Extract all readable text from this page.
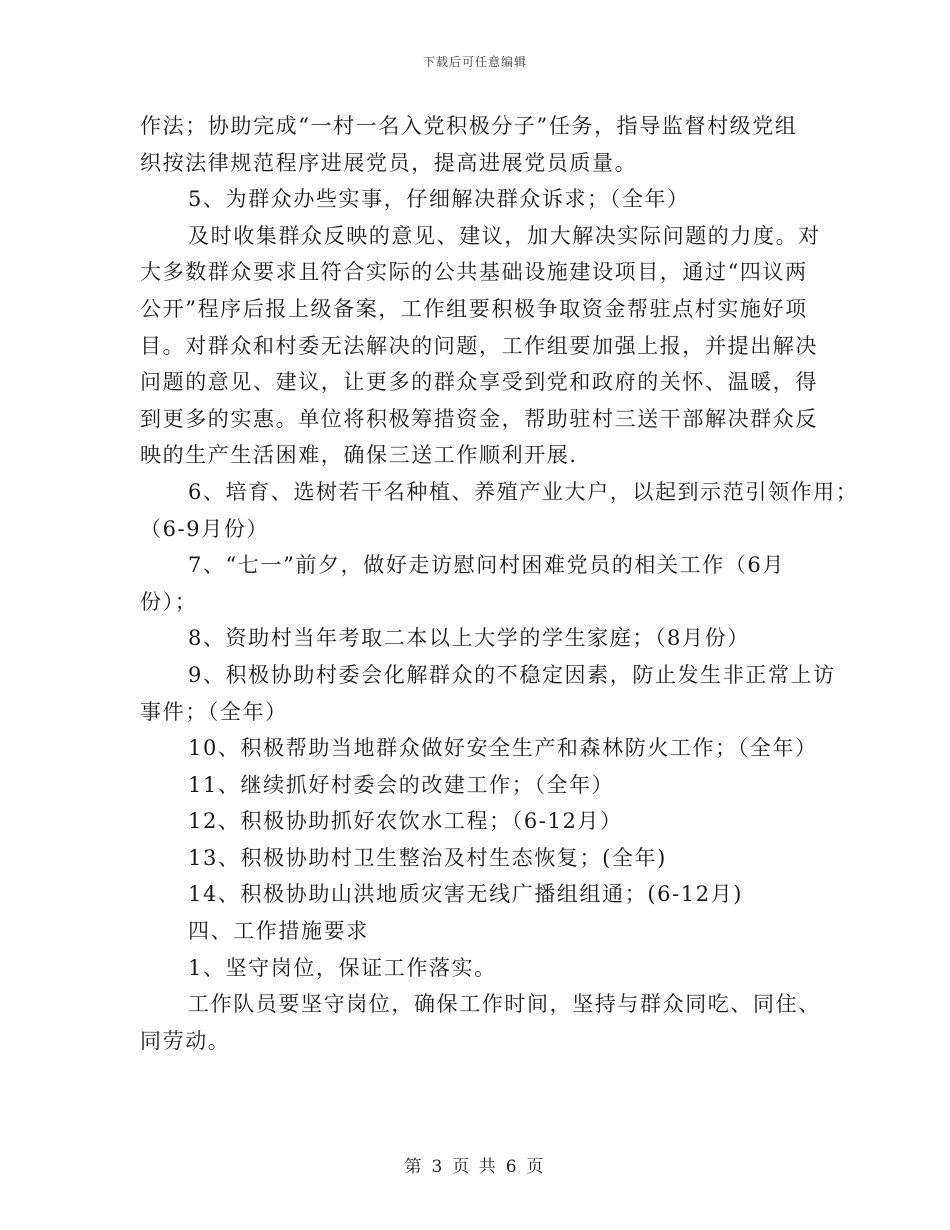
下载后可任意编辑
作法；协助完成“一村一名入党积极分子”任务，指导监督村级党组
织按法律规范程序进展党员，提高进展党员质量。
5、为群众办些实事，仔细解决群众诉求；（全年）
及时收集群众反映的意见、建议，加大解决实际问题的力度。对
大多数群众要求且符合实际的公共基础设施建设项目，通过“四议两
公开”程序后报上级备案，工作组要积极争取资金帮驻点村实施好项
目。对群众和村委无法解决的问题，工作组要加强上报，并提出解决
问题的意见、建议，让更多的群众享受到党和政府的关怀、温暖，得
到更多的实惠。单位将积极筹措资金，帮助驻村三送干部解决群众反
映的生产生活困难，确保三送工作顺利开展.
6、培育、选树若干名种植、养殖产业大户，以起到示范引领作用；
（6-9月份）
7、“七一”前夕，做好走访慰问村困难党员的相关工作（6月
份）；
8、资助村当年考取二本以上大学的学生家庭；（8月份）
9、积极协助村委会化解群众的不稳定因素，防止发生非正常上访
事件；（全年）
10、积极帮助当地群众做好安全生产和森林防火工作；（全年）
11、继续抓好村委会的改建工作；（全年）
12、积极协助抓好农饮水工程；（6-12月）
13、积极协助村卫生整治及村生态恢复；(全年)
14、积极协助山洪地质灾害无线广播组组通；(6-12月)
四、工作措施要求
1、坚守岗位，保证工作落实。
工作队员要坚守岗位，确保工作时间，坚持与群众同吃、同住、
同劳动。
第 3 页 共 6 页
